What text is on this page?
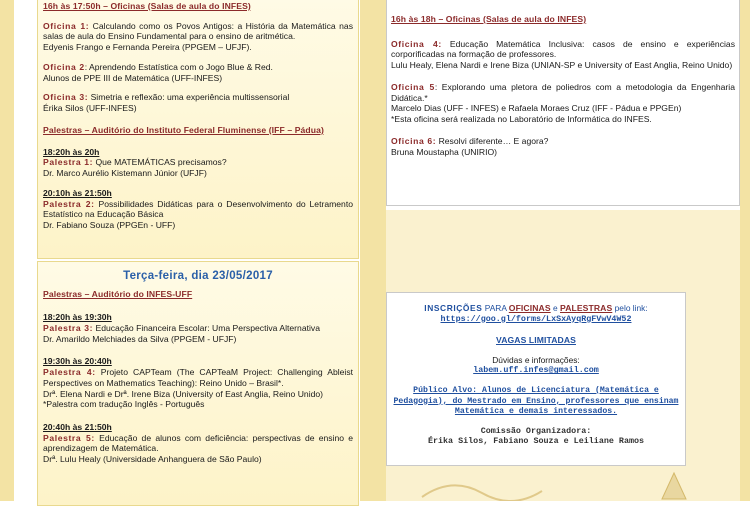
16h às 17:50h – Oficinas (Salas de aula do INFES)

Oficina 1: Calculando como os Povos Antigos: a História da Matemática nas salas de aula do Ensino Fundamental para o ensino de aritmética.

Edyenis Frango e Fernanda Pereira (PPGEM – UFJF).

Oficina 2: Aprendendo Estatística com o Jogo Blue & Red.

Alunos de PPE III de Matemática (UFF-INFES)

Oficina 3: Simetria e reflexão: uma experiência multissensorial

Érika Silos (UFF-INFES)

Palestras – Auditório do Instituto Federal Fluminense (IFF – Pádua)

18:20h às 20h

Palestra 1: Que MATEMÁTICAS precisamos?

Dr. Marco Aurélio Kistemann Júnior (UFJF)

20:10h às 21:50h

Palestra 2: Possibilidades Didáticas para o Desenvolvimento do Letramento Estatístico na Educação Básica

Dr. Fabiano Souza (PPGEn - UFF)

Terça-feira, dia 23/05/2017

Palestras – Auditório do INFES-UFF

18:20h às 19:30h

Palestra 3: Educação Financeira Escolar: Uma Perspectiva Alternativa

Dr. Amarildo Melchiades da Silva (PPGEM - UFJF)

19:30h às 20:40h

Palestra 4: Projeto CAPTeam (The CAPTeaM Project: Challenging Ableist Perspectives on Mathematics Teaching): Reino Unido – Brasil*.

Drª. Elena Nardi e Drª. Irene Biza (University of East Anglia, Reino Unido)

*Palestra com tradução Inglês - Português

20:40h às 21:50h

Palestra 5: Educação de alunos com deficiência: perspectivas de ensino e aprendizagem de Matemática.

Drª. Lulu Healy (Universidade Anhanguera de São Paulo)

16h às 18h – Oficinas (Salas de aula do INFES)

Oficina 4: Educação Matemática Inclusiva: casos de ensino e experiências corporificadas na formação de professores.

Lulu Healy, Elena Nardi e Irene Biza (UNIAN-SP e University of East Anglia, Reino Unido)

Oficina 5: Explorando uma pletora de poliedros com a metodologia da Engenharia Didática.*

Marcelo Dias (UFF - INFES) e Rafaela Moraes Cruz (IFF - Pádua e PPGEn)

*Esta oficina será realizada no Laboratório de Informática do INFES.

Oficina 6: Resolvi diferente… E agora?

Bruna Moustapha (UNIRIO)

INSCRIÇÕES PARA OFICINAS e PALESTRAS pelo link:

https://goo.gl/forms/LxSxAyqRgFVwV4W52

VAGAS LIMITADAS

Dúvidas e informações:

labem.uff.infes@gmail.com

Público Alvo: Alunos de Licenciatura (Matemática e Pedagogia), do Mestrado em Ensino, professores que ensinam Matemática e demais interessados.

Comissão Organizadora:

Érika Silos, Fabiano Souza e Leiliane Ramos
